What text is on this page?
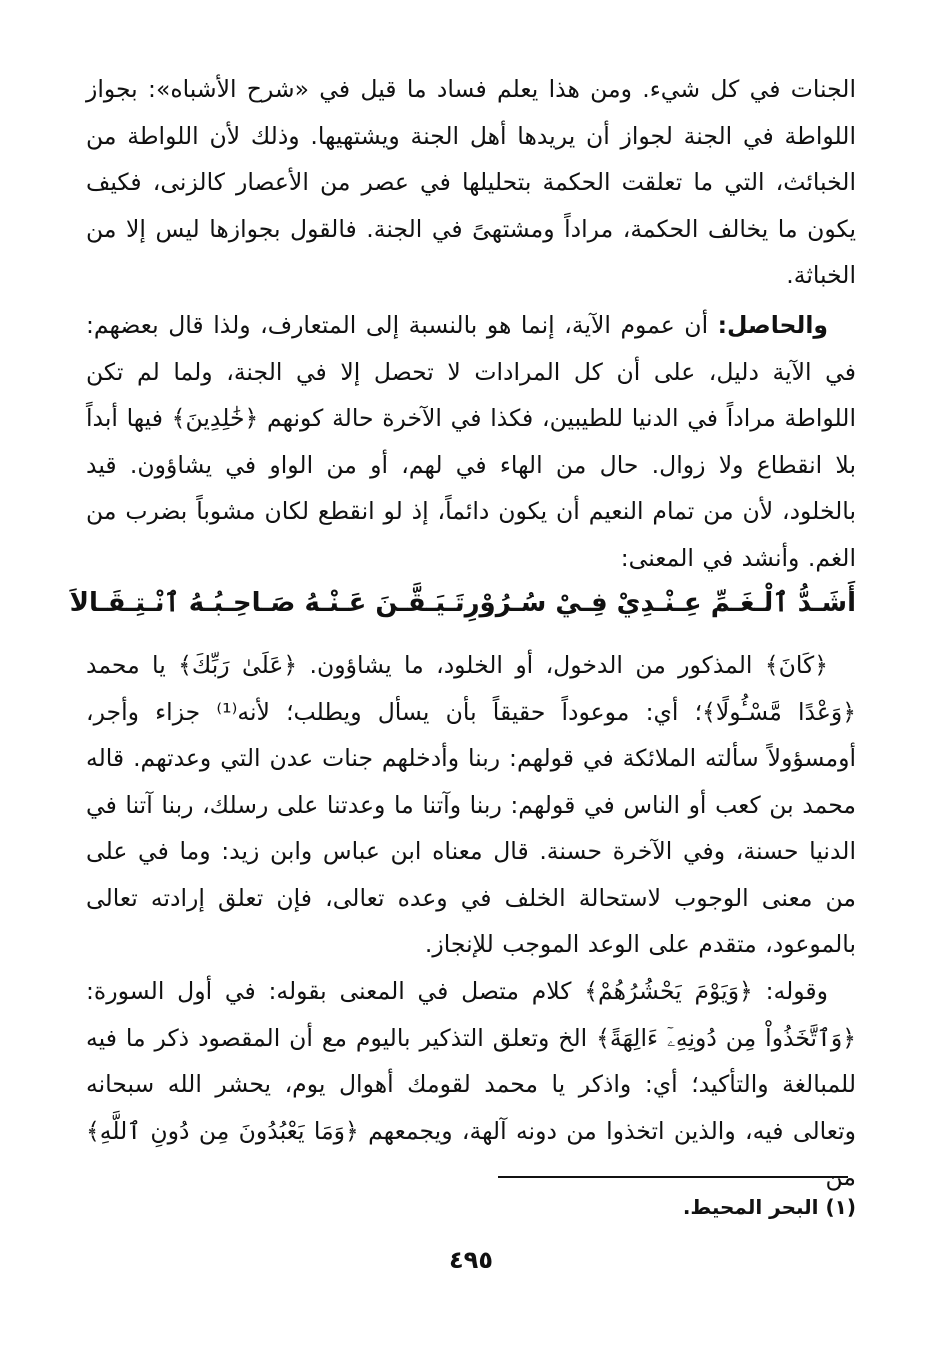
الجنات في كل شيء. ومن هذا يعلم فساد ما قيل في «شرح الأشباه»: بجواز اللواطة في الجنة لجواز أن يريدها أهل الجنة ويشتهيها. وذلك لأن اللواطة من الخبائث، التي ما تعلقت الحكمة بتحليلها في عصر من الأعصار كالزنى، فكيف يكون ما يخالف الحكمة، مراداً ومشتهىً في الجنة. فالقول بجوازها ليس إلا من الخباثة.

والحاصل: أن عموم الآية، إنما هو بالنسبة إلى المتعارف، ولذا قال بعضهم: في الآية دليل، على أن كل المرادات لا تحصل إلا في الجنة، ولما لم تكن اللواطة مراداً في الدنيا للطيبين، فكذا في الآخرة حالة كونهم ﴿خَٰلِدِينَ﴾ فيها أبداً بلا انقطاع ولا زوال. حال من الهاء في لهم، أو من الواو في يشاؤون. قيد بالخلود، لأن من تمام النعيم أن يكون دائماً، إذ لو انقطع لكان مشوباً بضرب من الغم. وأنشد في المعنى:

أَشَـدُّ ٱلْـغَـمِّ عِـنْـدِيْ فِـيْ سُـرُوْرِ
تَـيَـقَّـنَ عَـنْـهُ صَـاحِـبُـهُ ٱنْـتِـقَـالاَ

﴿كَانَ﴾ المذكور من الدخول، أو الخلود، ما يشاؤون. ﴿عَلَىٰ رَبِّكَ﴾ يا محمد ﴿وَعْدًا مَّسْـُٔولًا﴾؛ أي: موعوداً حقيقاً بأن يسأل ويطلب؛ لأنه⁽¹⁾ جزاء وأجر، أومسؤولاً سألته الملائكة في قولهم: ربنا وأدخلهم جنات عدن التي وعدتهم. قاله محمد بن كعب أو الناس في قولهم: ربنا وآتنا ما وعدتنا على رسلك، ربنا آتنا في الدنيا حسنة، وفي الآخرة حسنة. قال معناه ابن عباس وابن زيد: وما في على من معنى الوجوب لاستحالة الخلف في وعده تعالى، فإن تعلق إرادته تعالى بالموعود، متقدم على الوعد الموجب للإنجاز.

وقوله: ﴿وَيَوْمَ يَحْشُرُهُمْ﴾ كلام متصل في المعنى بقوله: في أول السورة: ﴿وَٱتَّخَذُواْ مِن دُونِهِۦٓ ءَالِهَةً﴾ الخ وتعلق التذكير باليوم مع أن المقصود ذكر ما فيه للمبالغة والتأكيد؛ أي: واذكر يا محمد لقومك أهوال يوم، يحشر الله سبحانه وتعالى فيه، والذين اتخذوا من دونه آلهة، ويجمعهم ﴿وَمَا يَعْبُدُونَ مِن دُونِ ٱللَّهِ﴾ من

(١) البحر المحيط.
٤٩٥
